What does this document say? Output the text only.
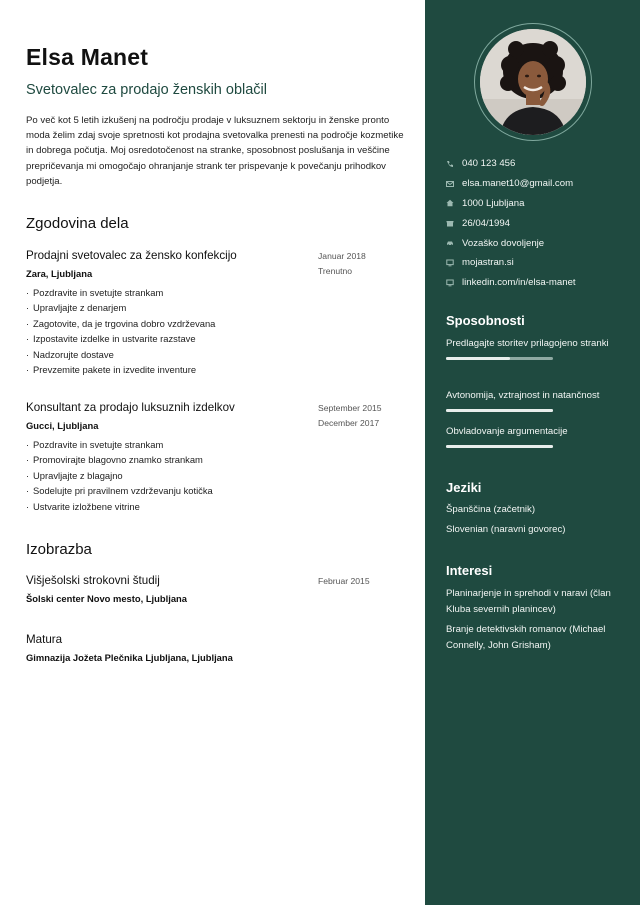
Elsa Manet
Svetovalec za prodajo ženskih oblačil

Po več kot 5 letih izkušenj na področju prodaje v luksuznem sektorju in ženske pronto moda želim zdaj svoje spretnosti kot prodajna svetovalka prenesti na področje kozmetike in dobrega počutja. Moj osredotočenost na stranke, sposobnost poslušanja in veščine prepričevanja mi omogočajo ohranjanje strank ter prispevanje k povečanju prihodkov podjetja.

Zgodovina dela
Prodajni svetovalec za žensko konfekcijo
Zara, Ljubljana
Januar 2018
Trenutno
· Pozdravite in svetujte strankam
· Upravljajte z denarjem
· Zagotovite, da je trgovina dobro vzdrževana
· Izpostavite izdelke in ustvarite razstave
· Nadzorujte dostave
· Prevzemite pakete in izvedite inventure
Konsultant za prodajo luksuznih izdelkov
Gucci, Ljubljana
September 2015
December 2017
· Pozdravite in svetujte strankam
· Promovirajte blagovno znamko strankam
· Upravljajte z blagajno
· Sodelujte pri pravilnem vzdrževanju kotička
· Ustvarite izložbene vitrine
Izobrazba
Višješolski strokovni študij
Šolski center Novo mesto, Ljubljana
Februar 2015
Matura
Gimnazija Jožeta Plečnika Ljubljana, Ljubljana
040 123 456
elsa.manet10@gmail.com
1000 Ljubljana
26/04/1994
Vozaško dovoljenje
mojastran.si
linkedin.com/in/elsa-manet
Sposobnosti
Predlagajte storitev prilagojeno stranki
Avtonomija, vztrajnost in natančnost
Obvladovanje argumentacije
Jeziki
Španščina (začetnik)
Slovenian (naravni govorec)
Interesi
Planinarjenje in sprehodi v naravi (član Kluba severnih planincev)
Branje detektivskih romanov (Michael Connelly, John Grisham)
